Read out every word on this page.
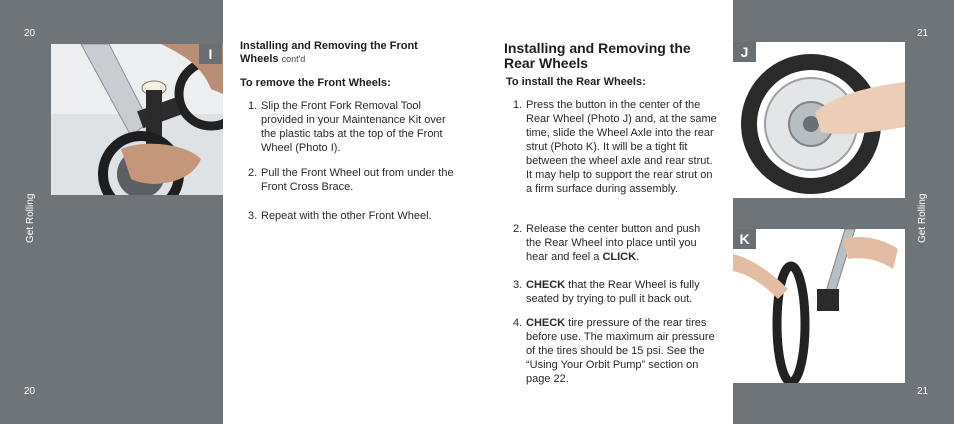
20
20
21
21
Get Rolling	Get Rolling
I	Installing and Removing the Front Wheels cont'd
To remove the Front Wheels:
1. Slip the Front Fork Removal Tool provided in your Maintenance Kit over the plastic tabs at the top of the Front Wheel (Photo I).
2. Pull the Front Wheel out from under the Front Cross Brace.
3. Repeat with the other Front Wheel.
Installing and Removing the Rear Wheels
To install the Rear Wheels:
1. Press the button in the center of the Rear Wheel (Photo J) and, at the same time, slide the Wheel Axle into the rear strut (Photo K). It will be a tight fit between the wheel axle and rear strut. It may help to support the rear strut on a firm surface during assembly.
2. Release the center button and push the Rear Wheel into place until you hear and feel a CLICK.
3. CHECK that the Rear Wheel is fully seated by trying to pull it back out.
4. CHECK tire pressure of the rear tires before use. The maximum air pressure of the tires should be 15 psi. See the “Using Your Orbit Pump” section on page 22.
J
K
